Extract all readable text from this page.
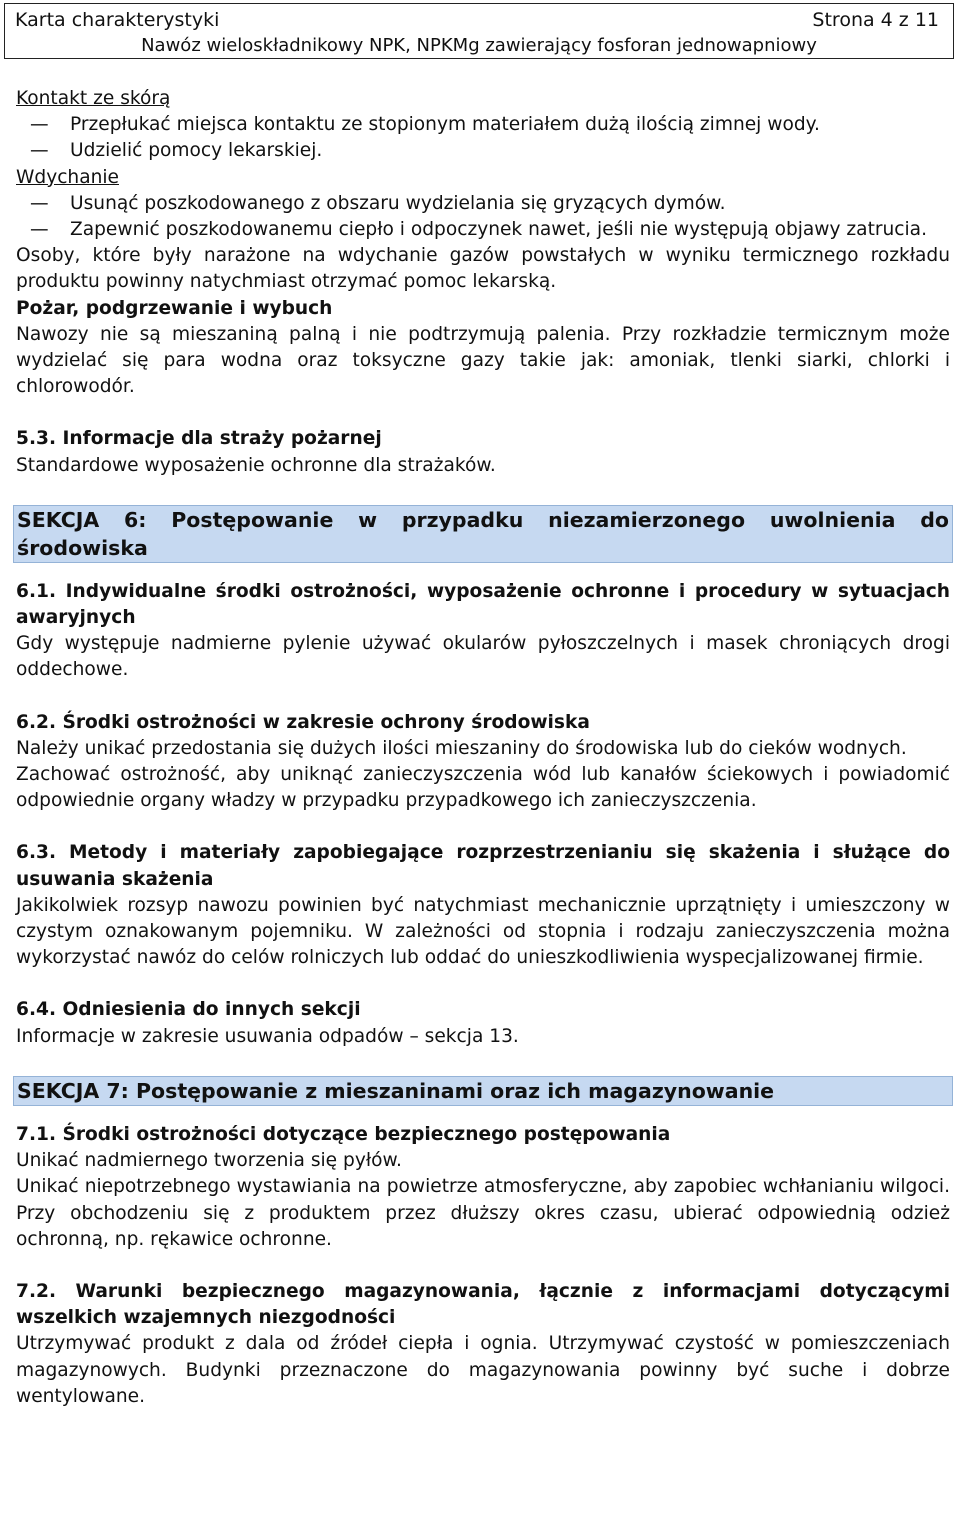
Karta charakterystyki	Strona 4 z 11
Nawóz wieloskładnikowy NPK, NPKMg zawierający fosforan jednowapniowy

Kontakt ze skórą

— Przepłukać miejsca kontaktu ze stopionym materiałem dużą ilością zimnej wody.
— Udzielić pomocy lekarskiej.

Wdychanie

— Usunąć poszkodowanego z obszaru wydzielania się gryzących dymów.
— Zapewnić poszkodowanemu ciepło i odpoczynek nawet, jeśli nie występują objawy zatrucia.

Osoby, które były narażone na wdychanie gazów powstałych w wyniku termicznego rozkładu produktu powinny natychmiast otrzymać pomoc lekarską.

Pożar, podgrzewanie i wybuch

Nawozy nie są mieszaniną palną i nie podtrzymują palenia. Przy rozkładzie termicznym może wydzielać się para wodna oraz toksyczne gazy takie jak: amoniak, tlenki siarki, chlorki i chlorowodór.

5.3. Informacje dla straży pożarnej

Standardowe wyposażenie ochronne dla strażaków.

SEKCJA 6: Postępowanie w przypadku niezamierzonego uwolnienia do środowiska

6.1. Indywidualne środki ostrożności, wyposażenie ochronne i procedury w sytuacjach awaryjnych

Gdy występuje nadmierne pylenie używać okularów pyłoszczelnych i masek chroniących drogi oddechowe.

6.2. Środki ostrożności w zakresie ochrony środowiska

Należy unikać przedostania się dużych ilości mieszaniny do środowiska lub do cieków wodnych.

Zachować ostrożność, aby uniknąć zanieczyszczenia wód lub kanałów ściekowych i powiadomić odpowiednie organy władzy w przypadku przypadkowego ich zanieczyszczenia.

6.3. Metody i materiały zapobiegające rozprzestrzenianiu się skażenia i służące do usuwania skażenia

Jakikolwiek rozsyp nawozu powinien być natychmiast mechanicznie uprzątnięty i umieszczony w czystym oznakowanym pojemniku. W zależności od stopnia i rodzaju zanieczyszczenia można wykorzystać nawóz do celów rolniczych lub oddać do unieszkodliwienia wyspecjalizowanej firmie.

6.4. Odniesienia do innych sekcji

Informacje w zakresie usuwania odpadów – sekcja 13.

SEKCJA 7: Postępowanie z mieszaninami oraz ich magazynowanie

7.1. Środki ostrożności dotyczące bezpiecznego postępowania

Unikać nadmiernego tworzenia się pyłów.

Unikać niepotrzebnego wystawiania na powietrze atmosferyczne, aby zapobiec wchłanianiu wilgoci. Przy obchodzeniu się z produktem przez dłuższy okres czasu, ubierać odpowiednią odzież ochronną, np. rękawice ochronne.

7.2. Warunki bezpiecznego magazynowania, łącznie z informacjami dotyczącymi wszelkich wzajemnych niezgodności

Utrzymywać produkt z dala od źródeł ciepła i ognia. Utrzymywać czystość w pomieszczeniach magazynowych. Budynki przeznaczone do magazynowania powinny być suche i dobrze wentylowane.
